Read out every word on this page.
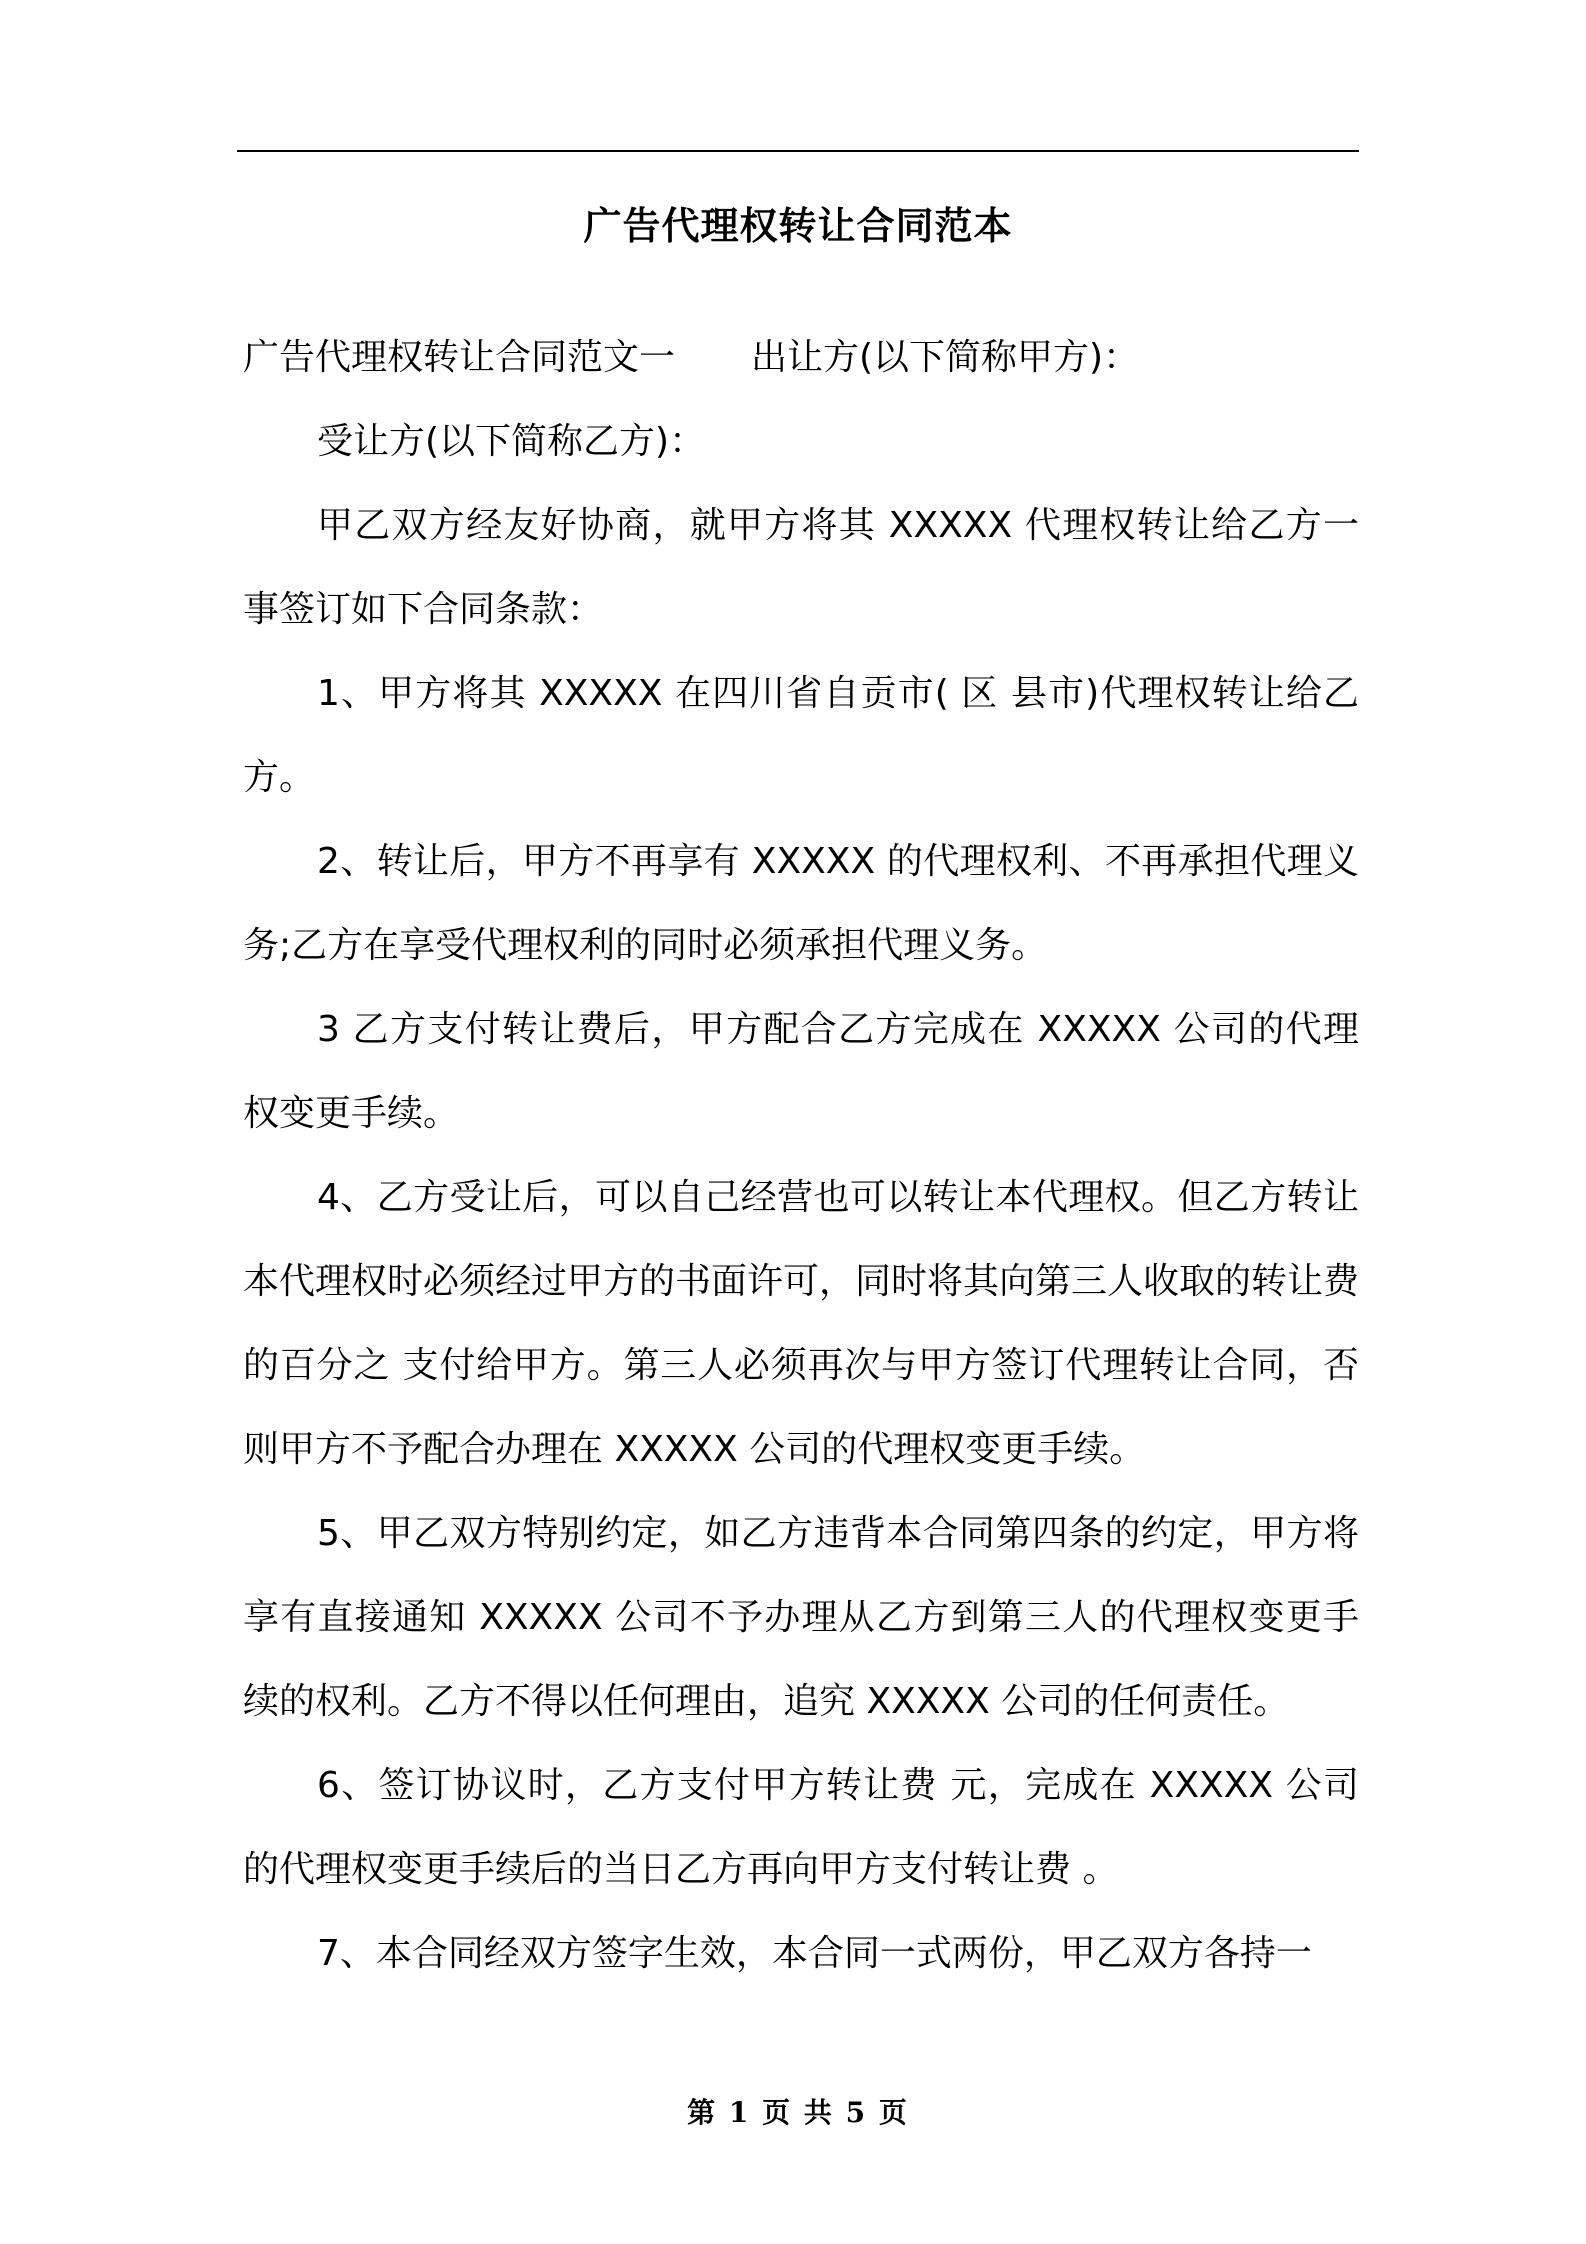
广告代理权转让合同范本

广告代理权转让合同范文一 出让方(以下简称甲方)：

受让方(以下简称乙方)：

甲乙双方经友好协商，就甲方将其 XXXXX 代理权转让给乙方一事签订如下合同条款：

1、甲方将其 XXXXX 在四川省自贡市( 区 县市)代理权转让给乙方。

2、转让后，甲方不再享有 XXXXX 的代理权利、不再承担代理义务;乙方在享受代理权利的同时必须承担代理义务。

3 乙方支付转让费后，甲方配合乙方完成在 XXXXX 公司的代理权变更手续。

4、乙方受让后，可以自己经营也可以转让本代理权。但乙方转让本代理权时必须经过甲方的书面许可，同时将其向第三人收取的转让费的百分之 支付给甲方。第三人必须再次与甲方签订代理转让合同，否则甲方不予配合办理在 XXXXX 公司的代理权变更手续。

5、甲乙双方特别约定，如乙方违背本合同第四条的约定，甲方将享有直接通知 XXXXX 公司不予办理从乙方到第三人的代理权变更手续的权利。乙方不得以任何理由，追究 XXXXX 公司的任何责任。

6、签订协议时，乙方支付甲方转让费 元，完成在 XXXXX 公司的代理权变更手续后的当日乙方再向甲方支付转让费 。

7、本合同经双方签字生效，本合同一式两份，甲乙双方各持一

第 1 页 共 5 页
